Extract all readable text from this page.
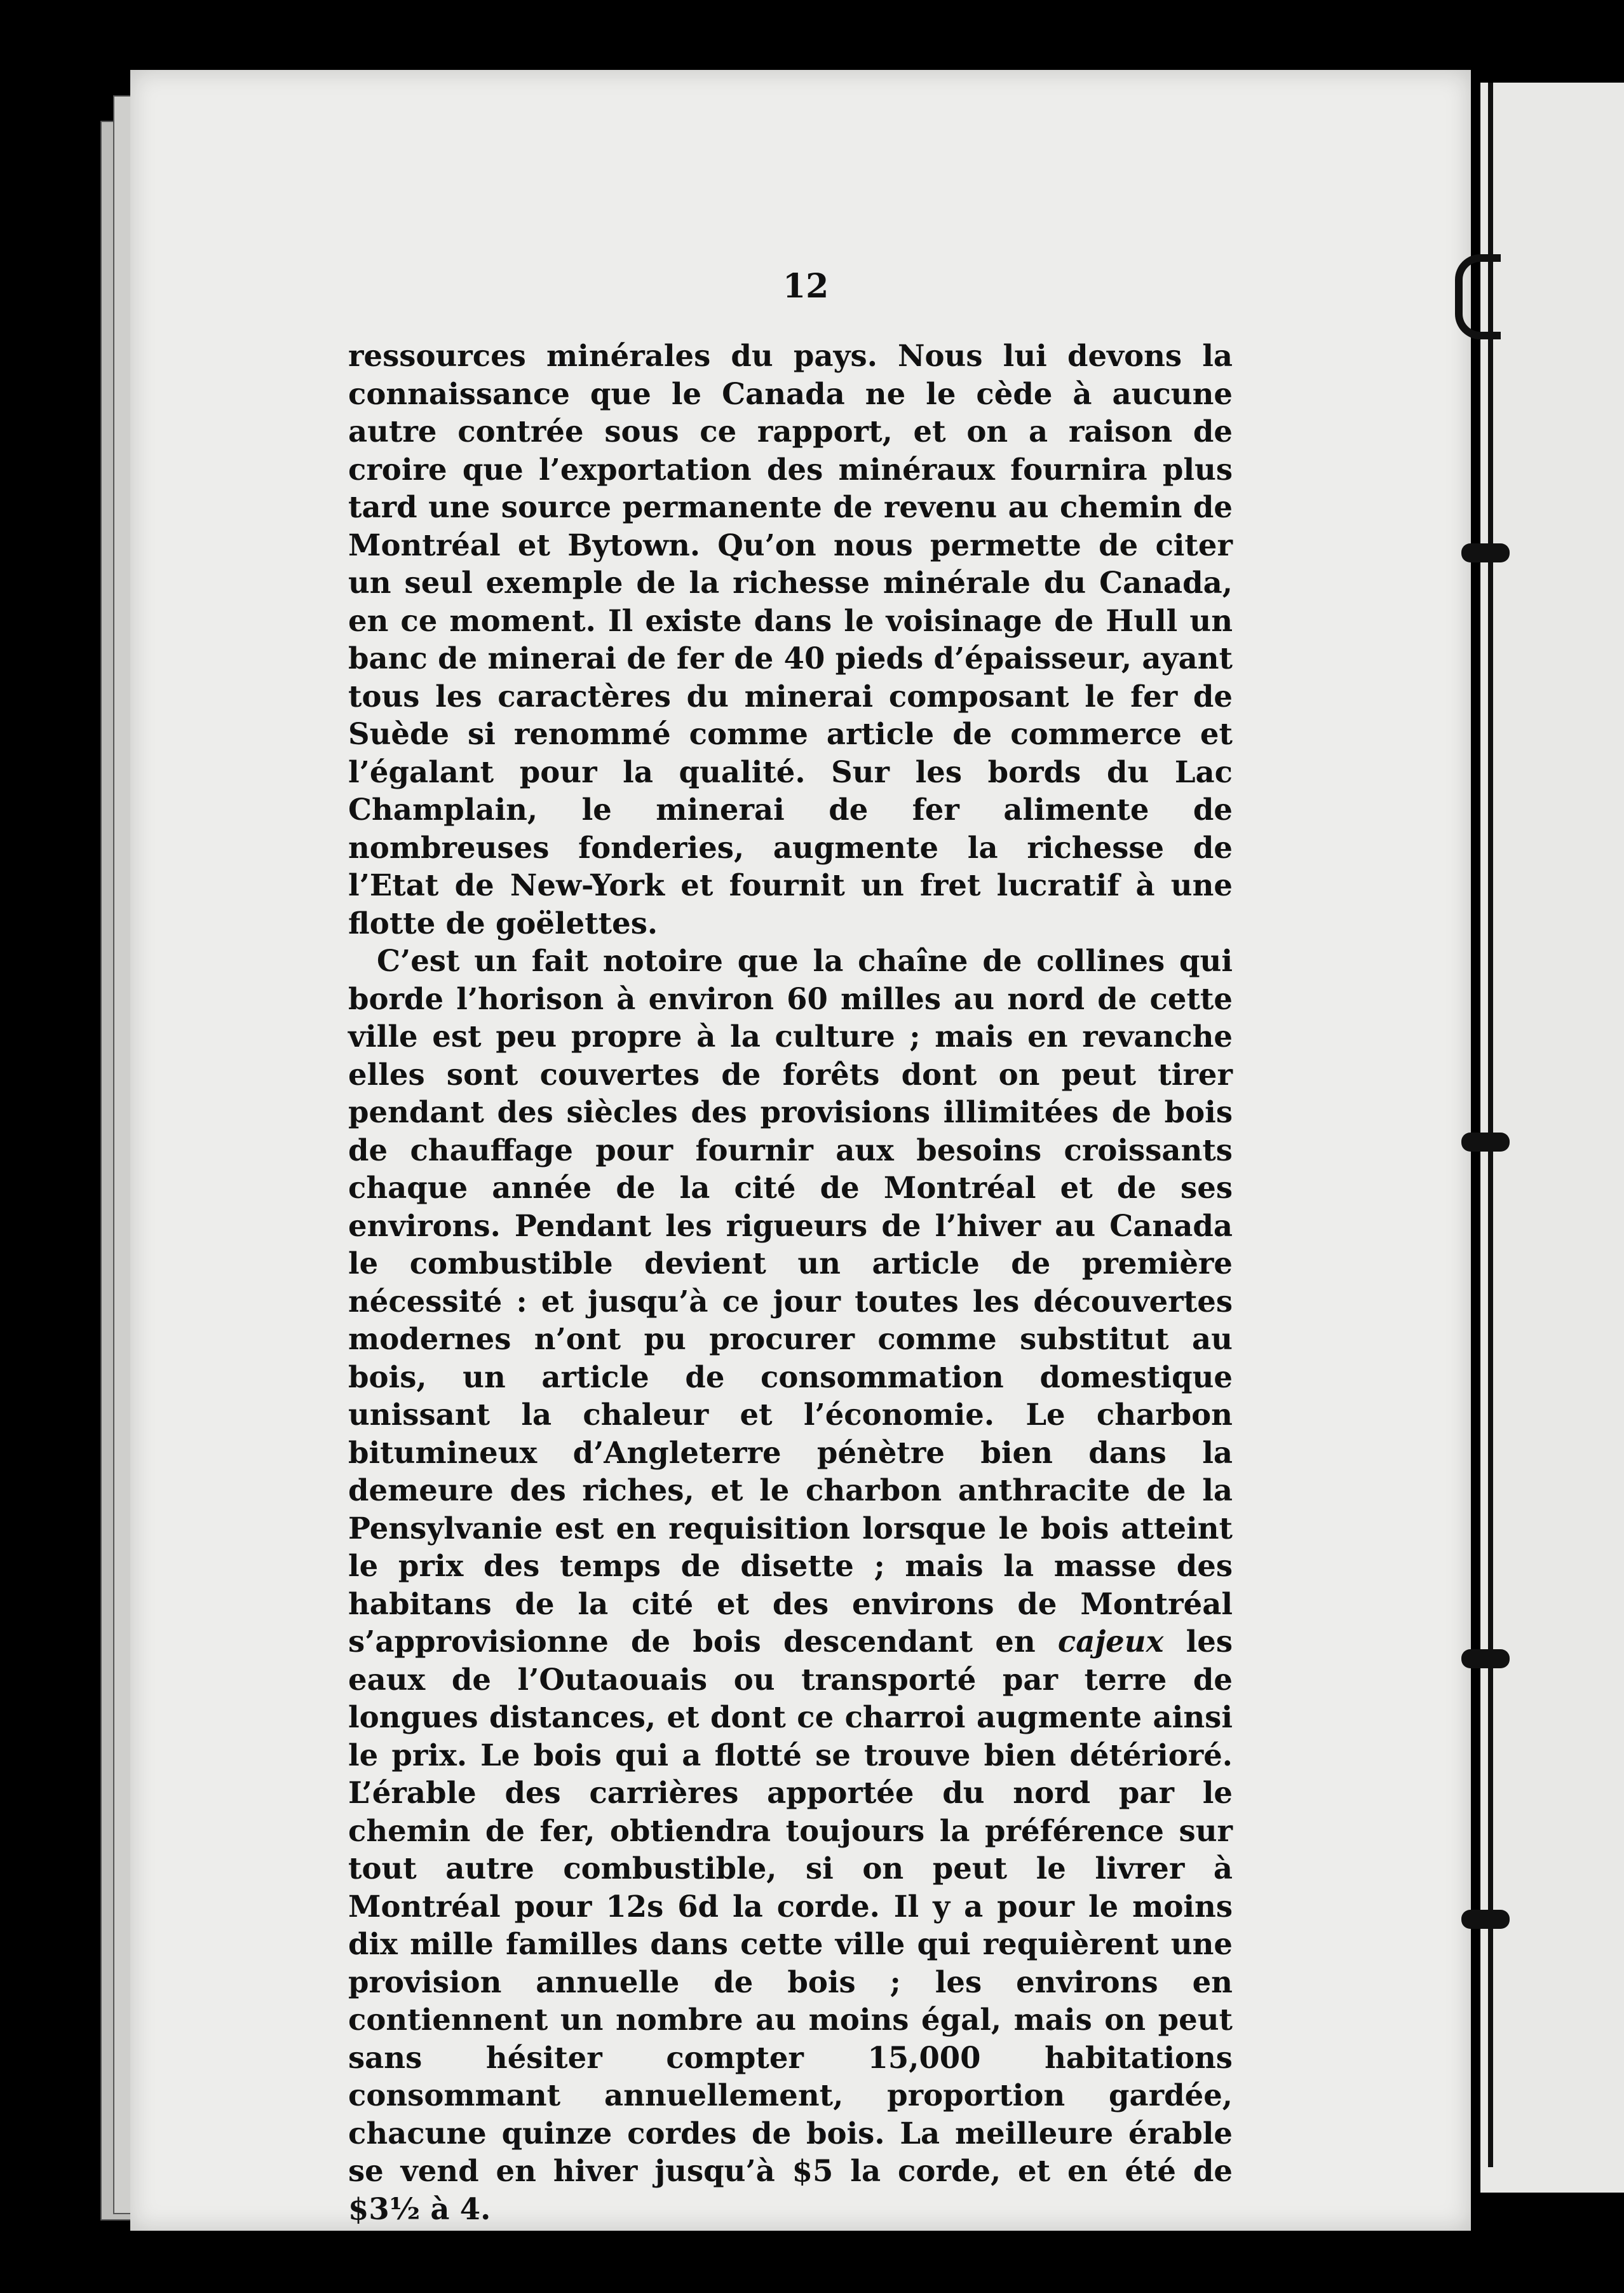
12

ressources minérales du pays. Nous lui devons la connaissance que le Canada ne le cède à aucune autre contrée sous ce rapport, et on a raison de croire que l’exportation des minéraux fournira plus tard une source permanente de revenu au chemin de Montréal et Bytown. Qu’on nous permette de citer un seul exemple de la richesse minérale du Canada, en ce moment. Il existe dans le voisinage de Hull un banc de minerai de fer de 40 pieds d’épaisseur, ayant tous les caractères du minerai composant le fer de Suède si renommé comme article de commerce et l’égalant pour la qualité. Sur les bords du Lac Champlain, le minerai de fer alimente de nombreuses fonderies, augmente la richesse de l’Etat de New-York et fournit un fret lucratif à une flotte de goëlettes.

C’est un fait notoire que la chaîne de collines qui borde l’horison à environ 60 milles au nord de cette ville est peu propre à la culture ; mais en revanche elles sont couvertes de forêts dont on peut tirer pendant des siècles des provisions illimitées de bois de chauffage pour fournir aux besoins croissants chaque année de la cité de Montréal et de ses environs. Pendant les rigueurs de l’hiver au Canada le combustible devient un article de première nécessité : et jusqu’à ce jour toutes les découvertes modernes n’ont pu procurer comme substitut au bois, un article de consommation domestique unissant la chaleur et l’économie. Le charbon bitumineux d’Angleterre pénètre bien dans la demeure des riches, et le charbon anthracite de la Pensylvanie est en requisition lorsque le bois atteint le prix des temps de disette ; mais la masse des habitans de la cité et des environs de Montréal s’approvisionne de bois descendant en cajeux les eaux de l’Outaouais ou transporté par terre de longues distances, et dont ce charroi augmente ainsi le prix. Le bois qui a flotté se trouve bien détérioré. L’érable des carrières apportée du nord par le chemin de fer, obtiendra toujours la préférence sur tout autre combustible, si on peut le livrer à Montréal pour 12s 6d la corde. Il y a pour le moins dix mille familles dans cette ville qui requièrent une provision annuelle de bois ; les environs en contiennent un nombre au moins égal, mais on peut sans hésiter compter 15,000 habitations consommant annuellement, proportion gardée, chacune quinze cordes de bois. La meilleure érable se vend en hiver jusqu’à $5 la corde, et en été de $3½ à 4.
